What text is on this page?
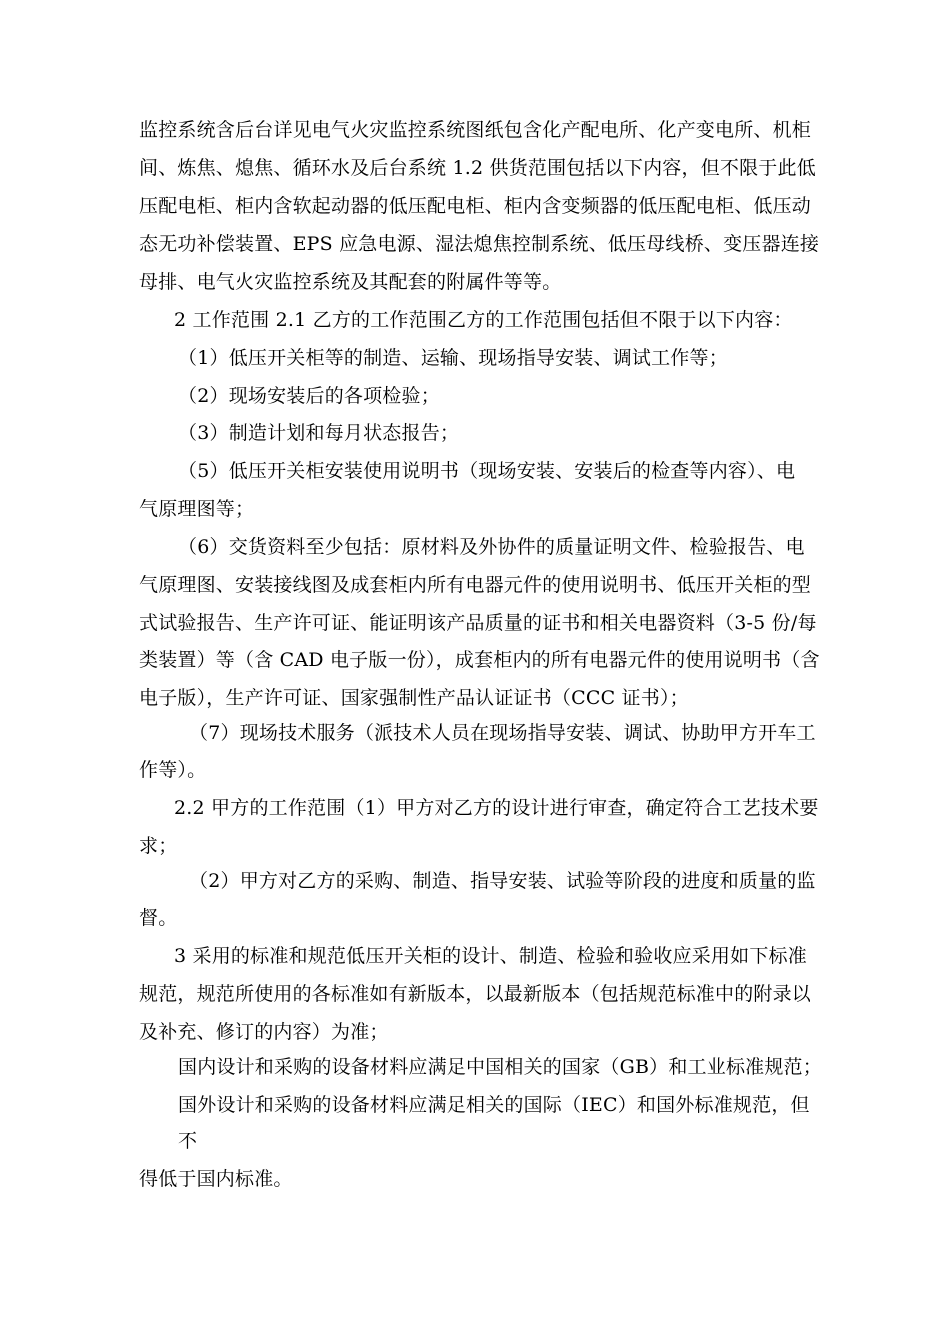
监控系统含后台详见电气火灾监控系统图纸包含化产配电所、化产变电所、机柜
间、炼焦、熄焦、循环水及后台系统 1.2 供货范围包括以下内容，但不限于此低
压配电柜、柜内含软起动器的低压配电柜、柜内含变频器的低压配电柜、低压动
态无功补偿装置、EPS 应急电源、湿法熄焦控制系统、低压母线桥、变压器连接
母排、电气火灾监控系统及其配套的附属件等等。
2 工作范围 2.1 乙方的工作范围乙方的工作范围包括但不限于以下内容：
（1）低压开关柜等的制造、运输、现场指导安装、调试工作等；
（2）现场安装后的各项检验；
（3）制造计划和每月状态报告；
（5）低压开关柜安装使用说明书（现场安装、安装后的检查等内容）、电
气原理图等；
（6）交货资料至少包括：原材料及外协件的质量证明文件、检验报告、电
气原理图、安装接线图及成套柜内所有电器元件的使用说明书、低压开关柜的型
式试验报告、生产许可证、能证明该产品质量的证书和相关电器资料（3-5 份/每
类装置）等（含 CAD 电子版一份），成套柜内的所有电器元件的使用说明书（含
电子版），生产许可证、国家强制性产品认证证书（CCC 证书）；
（7）现场技术服务（派技术人员在现场指导安装、调试、协助甲方开车工
作等）。
2.2 甲方的工作范围（1）甲方对乙方的设计进行审查，确定符合工艺技术要
求；
（2）甲方对乙方的采购、制造、指导安装、试验等阶段的进度和质量的监
督。
3 采用的标准和规范低压开关柜的设计、制造、检验和验收应采用如下标准
规范，规范所使用的各标准如有新版本，以最新版本（包括规范标准中的附录以
及补充、修订的内容）为准；
国内设计和采购的设备材料应满足中国相关的国家（GB）和工业标准规范；
国外设计和采购的设备材料应满足相关的国际（IEC）和国外标准规范，但
不
得低于国内标准。
